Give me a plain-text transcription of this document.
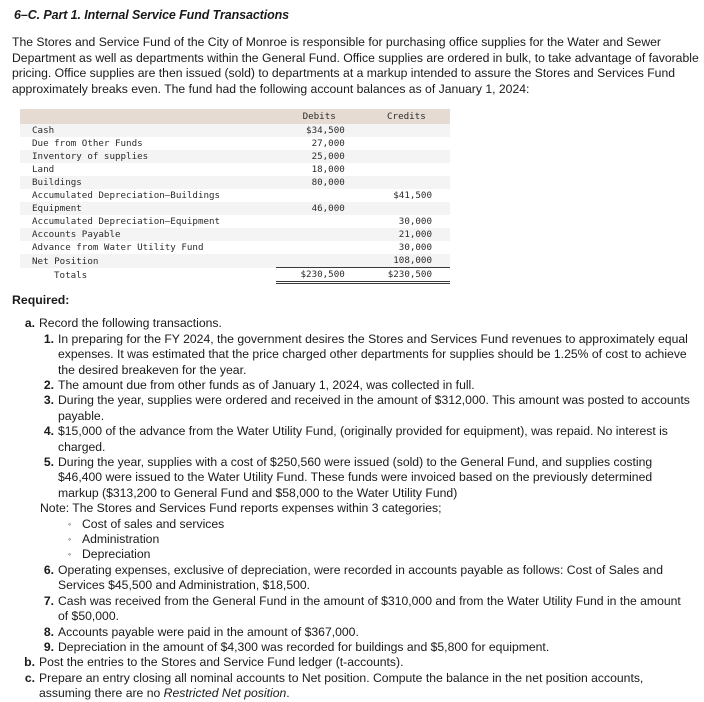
6–C. Part 1. Internal Service Fund Transactions
The Stores and Service Fund of the City of Monroe is responsible for purchasing office supplies for the Water and Sewer Department as well as departments within the General Fund. Office supplies are ordered in bulk, to take advantage of favorable pricing. Office supplies are then issued (sold) to departments at a markup intended to assure the Stores and Services Fund approximately breaks even. The fund had the following account balances as of January 1, 2024:
	Debits	Credits
Cash	$34,500	
Due from Other Funds	27,000	
Inventory of supplies	25,000	
Land	18,000	
Buildings	80,000	
Accumulated Depreciation–Buildings		$41,500
Equipment	46,000	
Accumulated Depreciation–Equipment		30,000
Accounts Payable		21,000
Advance from Water Utility Fund		30,000
Net Position		108,000
Totals	$230,500	$230,500
Required:
a. Record the following transactions.
1. In preparing for the FY 2024, the government desires the Stores and Services Fund revenues to approximately equal expenses. It was estimated that the price charged other departments for supplies should be 1.25% of cost to achieve the desired breakeven for the year.
2. The amount due from other funds as of January 1, 2024, was collected in full.
3. During the year, supplies were ordered and received in the amount of $312,000. This amount was posted to accounts payable.
4. $15,000 of the advance from the Water Utility Fund, (originally provided for equipment), was repaid. No interest is charged.
5. During the year, supplies with a cost of $250,560 were issued (sold) to the General Fund, and supplies costing $46,400 were issued to the Water Utility Fund. These funds were invoiced based on the previously determined markup ($313,200 to General Fund and $58,000 to the Water Utility Fund)
Note: The Stores and Services Fund reports expenses within 3 categories;
◦ Cost of sales and services
◦ Administration
◦ Depreciation
6. Operating expenses, exclusive of depreciation, were recorded in accounts payable as follows: Cost of Sales and Services $45,500 and Administration, $18,500.
7. Cash was received from the General Fund in the amount of $310,000 and from the Water Utility Fund in the amount of $50,000.
8. Accounts payable were paid in the amount of $367,000.
9. Depreciation in the amount of $4,300 was recorded for buildings and $5,800 for equipment.
b. Post the entries to the Stores and Service Fund ledger (t-accounts).
c. Prepare an entry closing all nominal accounts to Net position. Compute the balance in the net position accounts, assuming there are no Restricted Net position.
